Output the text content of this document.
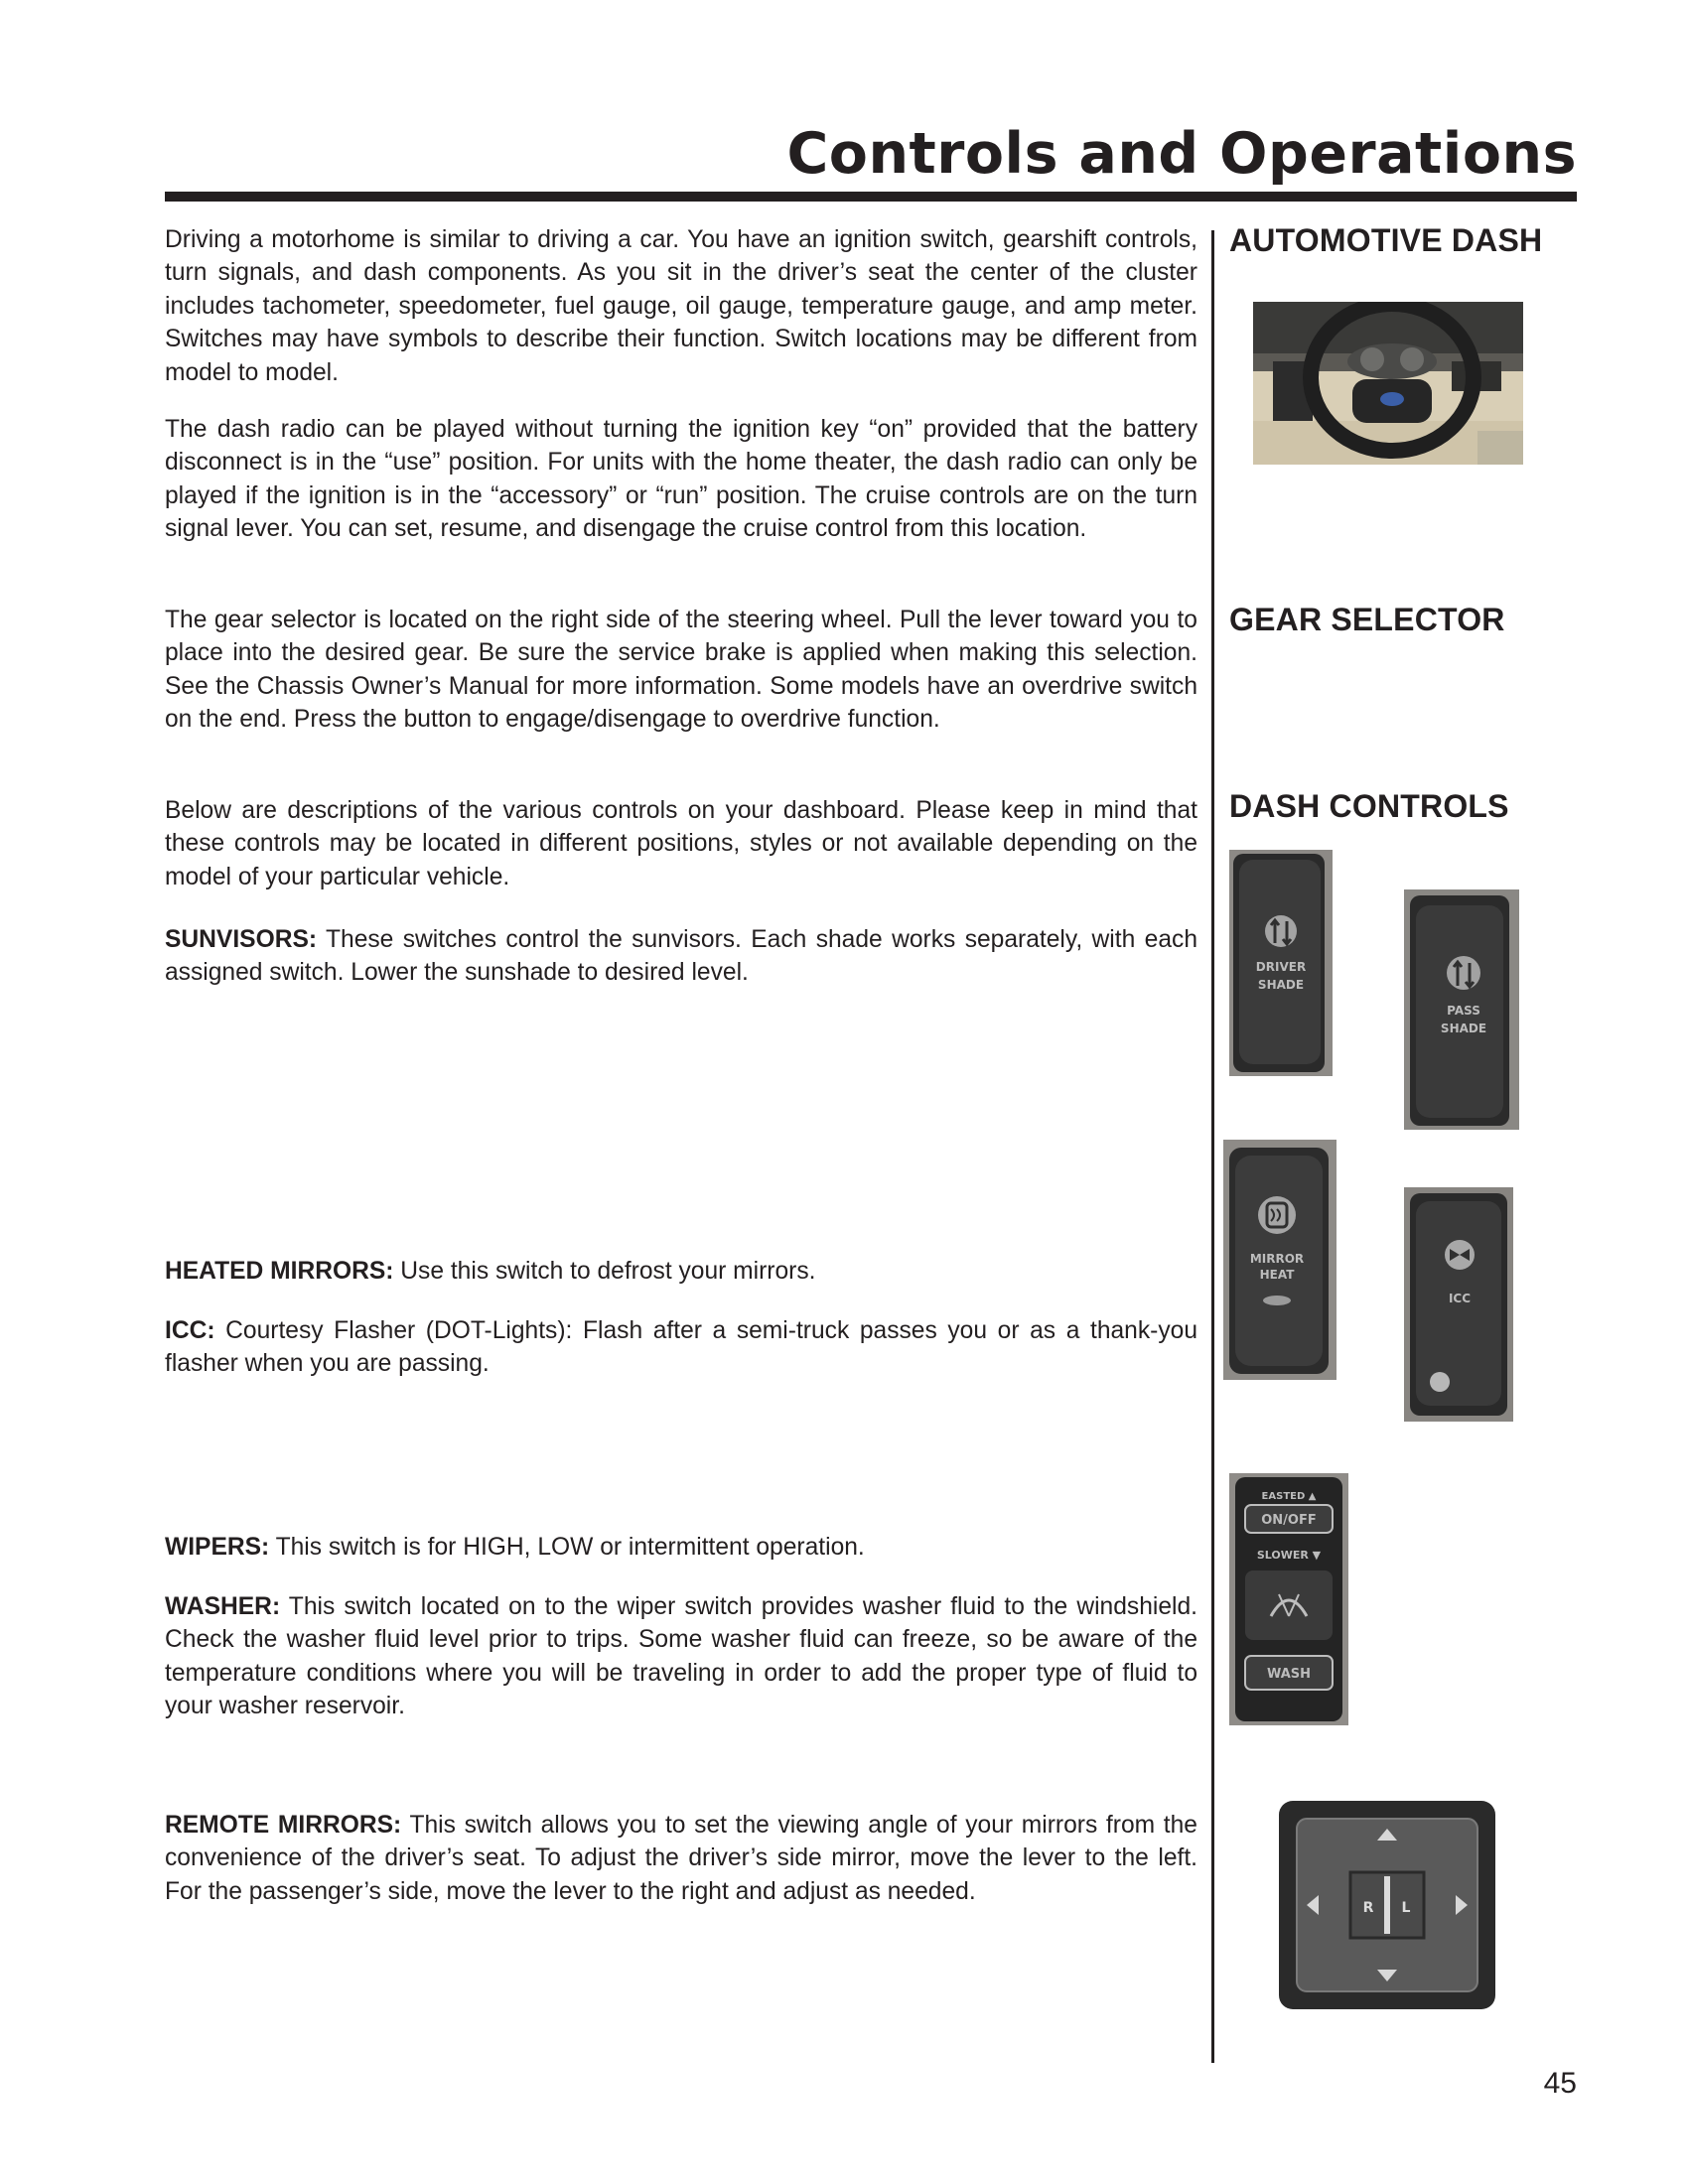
Controls and Operations

Driving a motorhome is similar to driving a car. You have an ignition switch, gearshift controls, turn signals, and dash components. As you sit in the driver’s seat the center of the cluster includes tachometer, speedometer, fuel gauge, oil gauge, temperature gauge, and amp meter. Switches may have symbols to describe their function. Switch locations may be different from model to model.

The dash radio can be played without turning the ignition key “on” provided that the battery disconnect is in the “use” position. For units with the home theater, the dash radio can only be played if the ignition is in the “accessory” or “run” position. The cruise controls are on the turn signal lever. You can set, resume, and disengage the cruise control from this location.

The gear selector is located on the right side of the steering wheel. Pull the lever toward you to place into the desired gear. Be sure the service brake is applied when making this selection. See the Chassis Owner’s Manual for more information. Some models have an overdrive switch on the end. Press the button to engage/disengage to overdrive function.

Below are descriptions of the various controls on your dashboard. Please keep in mind that these controls may be located in different positions, styles or not available depending on the model of your particular vehicle.

SUNVISORS: These switches control the sunvisors. Each shade works separately, with each assigned switch. Lower the sunshade to desired level.

HEATED MIRRORS: Use this switch to defrost your mirrors.

ICC: Courtesy Flasher (DOT-Lights): Flash after a semi-truck passes you or as a thank-you flasher when you are passing.

WIPERS: This switch is for HIGH, LOW or intermittent operation.

WASHER: This switch located on to the wiper switch provides washer fluid to the windshield. Check the washer fluid level prior to trips. Some washer fluid can freeze, so be aware of the temperature conditions where you will be traveling in order to add the proper type of fluid to your washer reservoir.

REMOTE MIRRORS: This switch allows you to set the viewing angle of your mirrors from the convenience of the driver’s seat. To adjust the driver’s side mirror, move the lever to the left. For the passenger’s side, move the lever to the right and adjust as needed.

AUTOMOTIVE DASH
GEAR SELECTOR
DASH CONTROLS
DRIVER
SHADE
PASS
SHADE
MIRROR
HEAT
ICC
EASTED ▲
ON/OFF
SLOWER ▼
WASH
R L
45
